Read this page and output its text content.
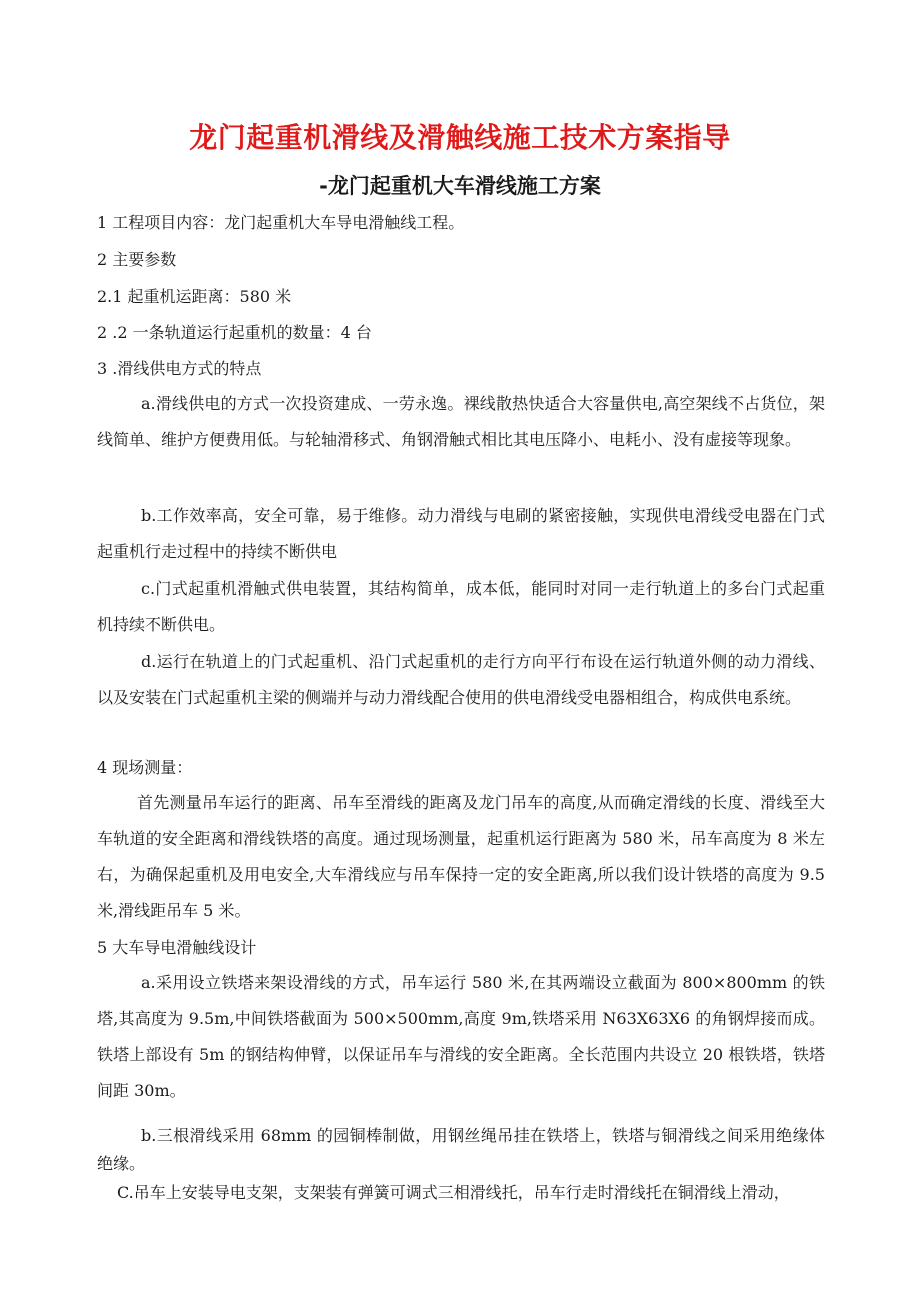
龙门起重机滑线及滑触线施工技术方案指导
-龙门起重机大车滑线施工方案
1 工程项目内容：龙门起重机大车导电滑触线工程。
2 主要参数
2.1 起重机运距离：580 米
2 .2 一条轨道运行起重机的数量：4 台
3 .滑线供电方式的特点
a.滑线供电的方式一次投资建成、一劳永逸。裸线散热快适合大容量供电,高空架线不占货位，架线简单、维护方便费用低。与轮轴滑移式、角钢滑触式相比其电压降小、电耗小、没有虚接等现象。
b.工作效率高，安全可靠，易于维修。动力滑线与电刷的紧密接触，实现供电滑线受电器在门式起重机行走过程中的持续不断供电
c.门式起重机滑触式供电装置，其结构简单，成本低，能同时对同一走行轨道上的多台门式起重机持续不断供电。
d.运行在轨道上的门式起重机、沿门式起重机的走行方向平行布设在运行轨道外侧的动力滑线、以及安装在门式起重机主梁的侧端并与动力滑线配合使用的供电滑线受电器相组合，构成供电系统。
4 现场测量：
首先测量吊车运行的距离、吊车至滑线的距离及龙门吊车的高度,从而确定滑线的长度、滑线至大车轨道的安全距离和滑线铁塔的高度。通过现场测量，起重机运行距离为 580 米，吊车高度为 8 米左右，为确保起重机及用电安全,大车滑线应与吊车保持一定的安全距离,所以我们设计铁塔的高度为 9.5 米,滑线距吊车 5 米。
5 大车导电滑触线设计
a.采用设立铁塔来架设滑线的方式，吊车运行 580 米,在其两端设立截面为 800×800mm 的铁塔,其高度为 9.5m,中间铁塔截面为 500×500mm,高度 9m,铁塔采用 N63X63X6 的角钢焊接而成。铁塔上部设有 5m 的钢结构伸臂，以保证吊车与滑线的安全距离。全长范围内共设立 20 根铁塔，铁塔间距 30m。
b.三根滑线采用 68mm 的园铜棒制做，用钢丝绳吊挂在铁塔上，铁塔与铜滑线之间采用绝缘体绝缘。
C.吊车上安装导电支架，支架装有弹簧可调式三相滑线托，吊车行走时滑线托在铜滑线上滑动，
